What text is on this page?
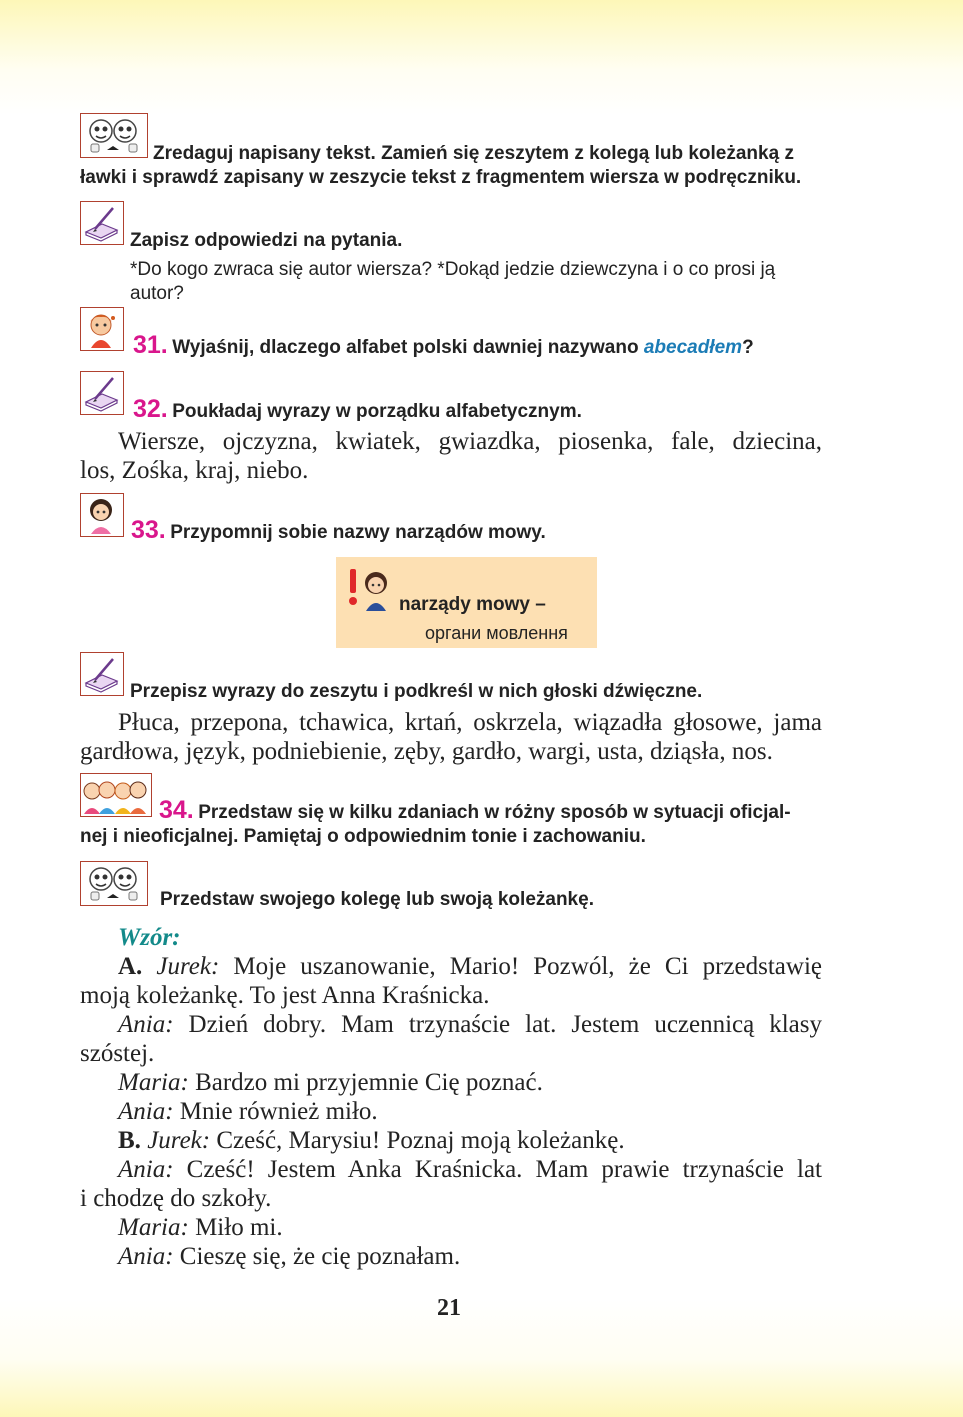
Zredaguj napisany tekst. Zamień się zeszytem z kolegą lub koleżanką z
ławki i sprawdź zapisany w zeszycie tekst z fragmentem wiersza w podręczniku.
Zapisz odpowiedzi na pytania.
*Do kogo zwraca się autor wiersza? *Dokąd jedzie dziewczyna i o co prosi ją
autor?
31. Wyjaśnij, dlaczego alfabet polski dawniej nazywano abecadłem?
32. Poukładaj wyrazy w porządku alfabetycznym.
Wiersze, ojczyzna, kwiatek, gwiazdka, piosenka, fale, dziecina,
los, Zośka, kraj, niebo.
33. Przypomnij sobie nazwy narządów mowy.
narządy mowy –
органи мовлення
Przepisz wyrazy do zeszytu i podkreśl w nich głoski dźwięczne.
Płuca, przepona, tchawica, krtań, oskrzela, wiązadła głosowe, jama
gardłowa, język, podniebienie, zęby, gardło, wargi, usta, dziąsła, nos.
34. Przedstaw się w kilku zdaniach w różny sposób w sytuacji oficjal-
nej i nieoficjalnej. Pamiętaj o odpowiednim tonie i zachowaniu.
Przedstaw swojego kolegę lub swoją koleżankę.
Wzór:
A. Jurek: Moje uszanowanie, Mario! Pozwól, że Ci przedstawię
moją koleżankę. To jest Anna Kraśnicka.
Ania: Dzień dobry. Mam trzynaście lat. Jestem uczennicą klasy
szóstej.
Maria: Bardzo mi przyjemnie Cię poznać.
Ania: Mnie również miło.
B. Jurek: Cześć, Marysiu! Poznaj moją koleżankę.
Ania: Cześć! Jestem Anka Kraśnicka. Mam prawie trzynaście lat
i chodzę do szkoły.
Maria: Miło mi.
Ania: Cieszę się, że cię poznałam.
21
